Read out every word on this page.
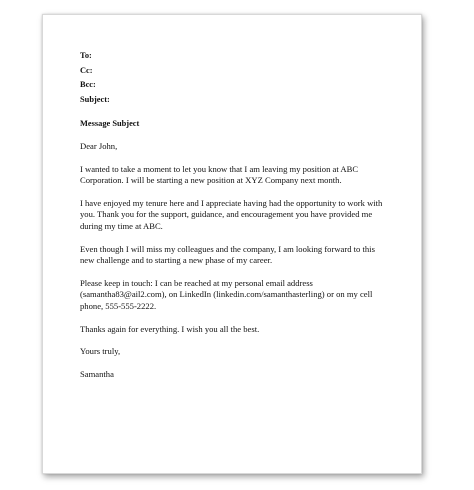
To:

Cc:

Bcc:

Subject:

Message Subject

Dear John,

I wanted to take a moment to let you know that I am leaving my position at ABC
Corporation. I will be starting a new position at XYZ Company next month.

I have enjoyed my tenure here and I appreciate having had the opportunity to work with
you. Thank you for the support, guidance, and encouragement you have provided me
during my time at ABC.

Even though I will miss my colleagues and the company, I am looking forward to this
new challenge and to starting a new phase of my career.

Please keep in touch: I can be reached at my personal email address
(samantha83@ail2.com), on LinkedIn (linkedin.com/samanthasterling) or on my cell
phone, 555-555-2222.

Thanks again for everything. I wish you all the best.

Yours truly,

Samantha
